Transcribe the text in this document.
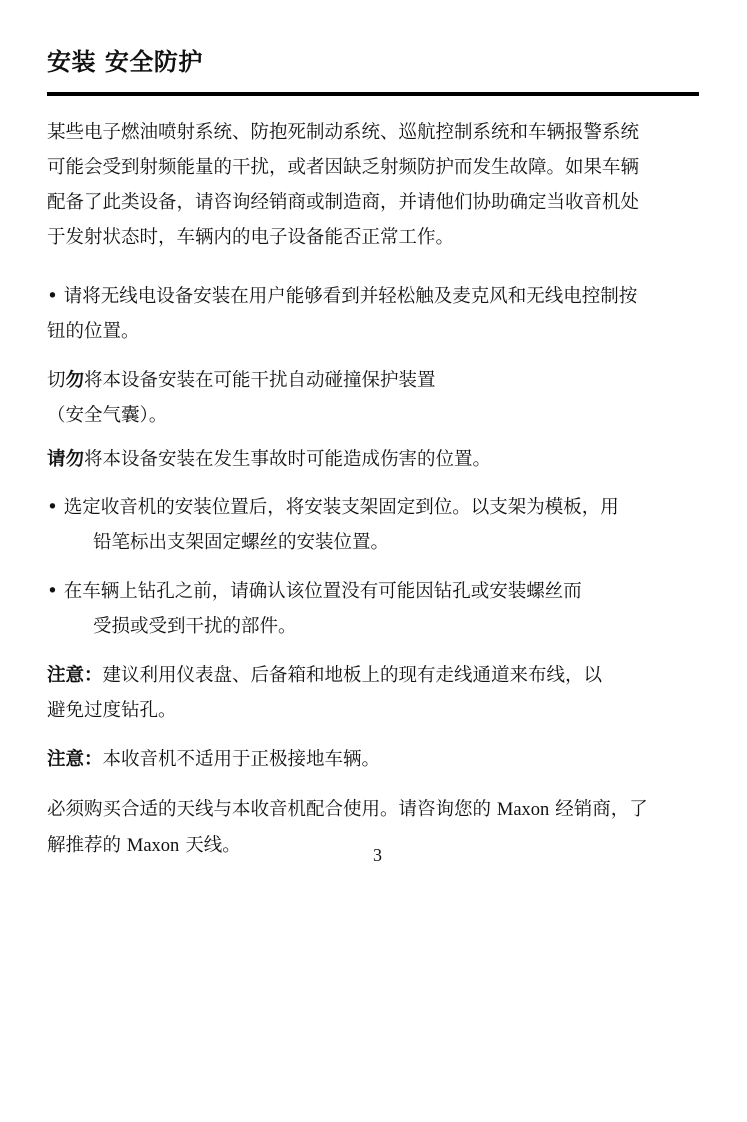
安装 安全防护
某些电子燃油喷射系统、防抱死制动系统、巡航控制系统和车辆报警系统
可能会受到射频能量的干扰，或者因缺乏射频防护而发生故障。如果车辆
配备了此类设备，请咨询经销商或制造商，并请他们协助确定当收音机处
于发射状态时，车辆内的电子设备能否正常工作。
• 请将无线电设备安装在用户能够看到并轻松触及麦克风和无线电控制按
钮的位置。
切勿将本设备安装在可能干扰自动碰撞保护装置
（安全气囊）。
请勿将本设备安装在发生事故时可能造成伤害的位置。
• 选定收音机的安装位置后，将安装支架固定到位。以支架为模板，用
铅笔标出支架固定螺丝的安装位置。
• 在车辆上钻孔之前，请确认该位置没有可能因钻孔或安装螺丝而
受损或受到干扰的部件。
注意：建议利用仪表盘、后备箱和地板上的现有走线通道来布线，以
避免过度钻孔。
注意：本收音机不适用于正极接地车辆。
必须购买合适的天线与本收音机配合使用。请咨询您的 Maxon 经销商，了
解推荐的 Maxon 天线。	3
